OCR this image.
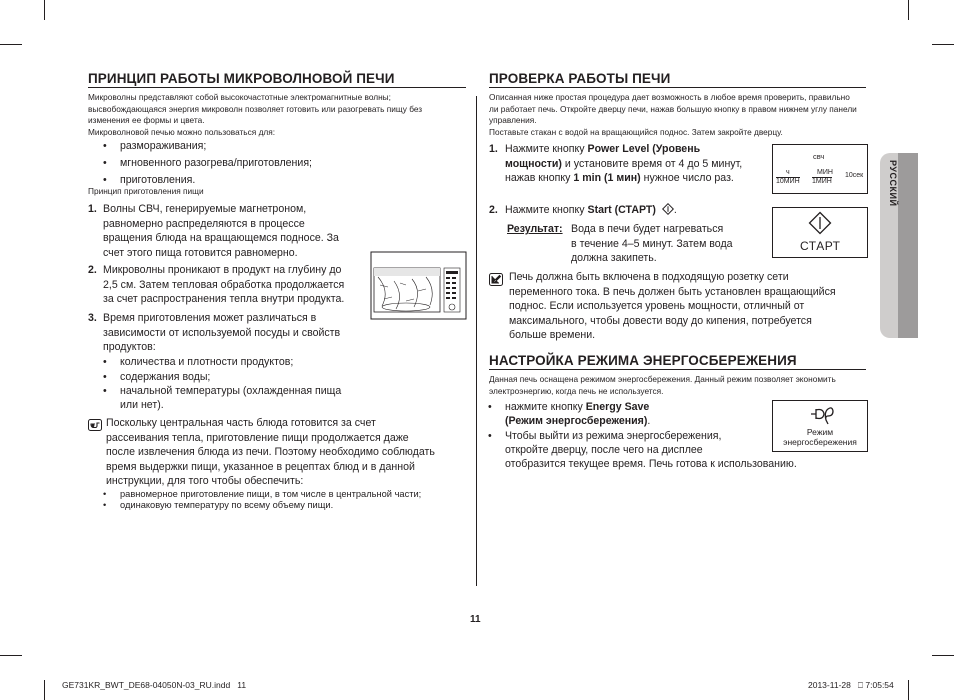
РУССКИЙ
ПРИНЦИП РАБОТЫ МИКРОВОЛНОВОЙ ПЕЧИ
Микроволны представляют собой высокочастотные электромагнитные волны;
высвобождающаяся энергия микроволн позволяет готовить или разогревать пищу без
изменения ее формы и цвета.
Микроволновой печью можно пользоваться для:
• размораживания;
• мгновенного разогрева/приготовления;
• приготовления.
Принцип приготовления пищи
1. Волны СВЧ, генерируемые магнетроном,
равномерно распределяются в процессе
вращения блюда на вращающемся подносе. За
счет этого пища готовится равномерно.
2. Микроволны проникают в продукт на глубину до
2,5 см. Затем тепловая обработка продолжается
за счет распространения тепла внутри продукта.
3. Время приготовления может различаться в
зависимости от используемой посуды и свойств
продуктов:
• количества и плотности продуктов;
• содержания воды;
• начальной температуры (охлажденная пища
или нет).
Поскольку центральная часть блюда готовится за счет
рассеивания тепла, приготовление пищи продолжается даже
после извлечения блюда из печи. Поэтому необходимо соблюдать
время выдержки пищи, указанное в рецептах блюд и в данной
инструкции, для того чтобы обеспечить:
• равномерное приготовление пищи, в том числе в центральной части;
• одинаковую температуру по всему объему пищи.
ПРОВЕРКА РАБОТЫ ПЕЧИ
Описанная ниже простая процедура дает возможность в любое время проверить, правильно
ли работает печь. Откройте дверцу печи, нажав большую кнопку в правом нижнем углу панели
управления.
Поставьте стакан с водой на вращающийся поднос. Затем закройте дверцу.
1. Нажмите кнопку Power Level (Уровень
мощности) и установите время от 4 до 5 минут,
нажав кнопку 1 min (1 мин) нужное число раз.
свч
ч
10МИН
МИН
1МИН
10сек
2. Нажмите кнопку Start (СТАРТ) .
СТАРТ
Результат: Вода в печи будет нагреваться
в течение 4–5 минут. Затем вода
должна закипеть.
Печь должна быть включена в подходящую розетку сети
переменного тока. В печь должен быть установлен вращающийся
поднос. Если используется уровень мощности, отличный от
максимального, чтобы довести воду до кипения, потребуется
больше времени.
НАСТРОЙКА РЕЖИМА ЭНЕРГОСБЕРЕЖЕНИЯ
Данная печь оснащена режимом энергосбережения. Данный режим позволяет экономить
электроэнергию, когда печь не используется.
• нажмите кнопку Energy Save
(Режим энергосбережения).
• Чтобы выйти из режима энергосбережения,
откройте дверцу, после чего на дисплее
отобразится текущее время. Печь готова к использованию.
Режим
энергосбережения
11
GE731KR_BWT_DE68-04050N-03_RU.indd   11	2013-11-28   ⎕ 7:05:54
